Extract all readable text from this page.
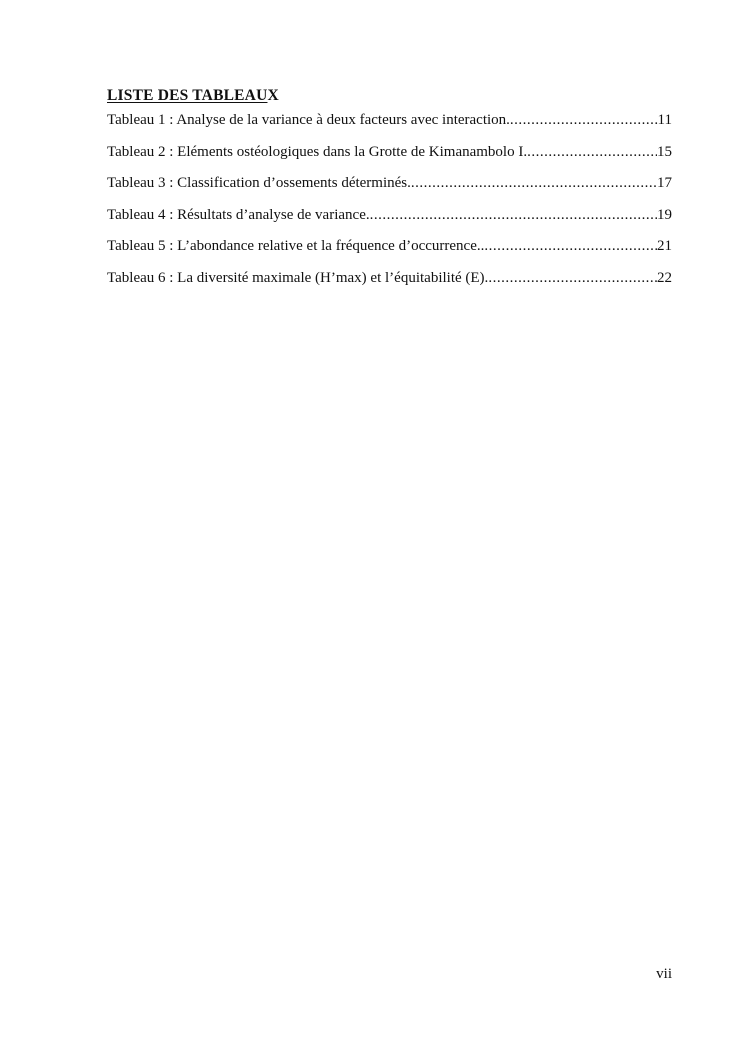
LISTE DES TABLEAUX
Tableau 1 : Analyse de la variance à deux facteurs avec interaction. .....	11
Tableau 2 : Eléments ostéologiques dans la Grotte de Kimanambolo I. .....	15
Tableau 3 : Classification d’ossements déterminés. .....	17
Tableau 4 : Résultats d’analyse de variance. .....	19
Tableau 5 : L’abondance relative et la fréquence d’occurrence.. .....	21
Tableau 6 : La diversité maximale (H’max) et l’équitabilité (E). .....	22
vii
